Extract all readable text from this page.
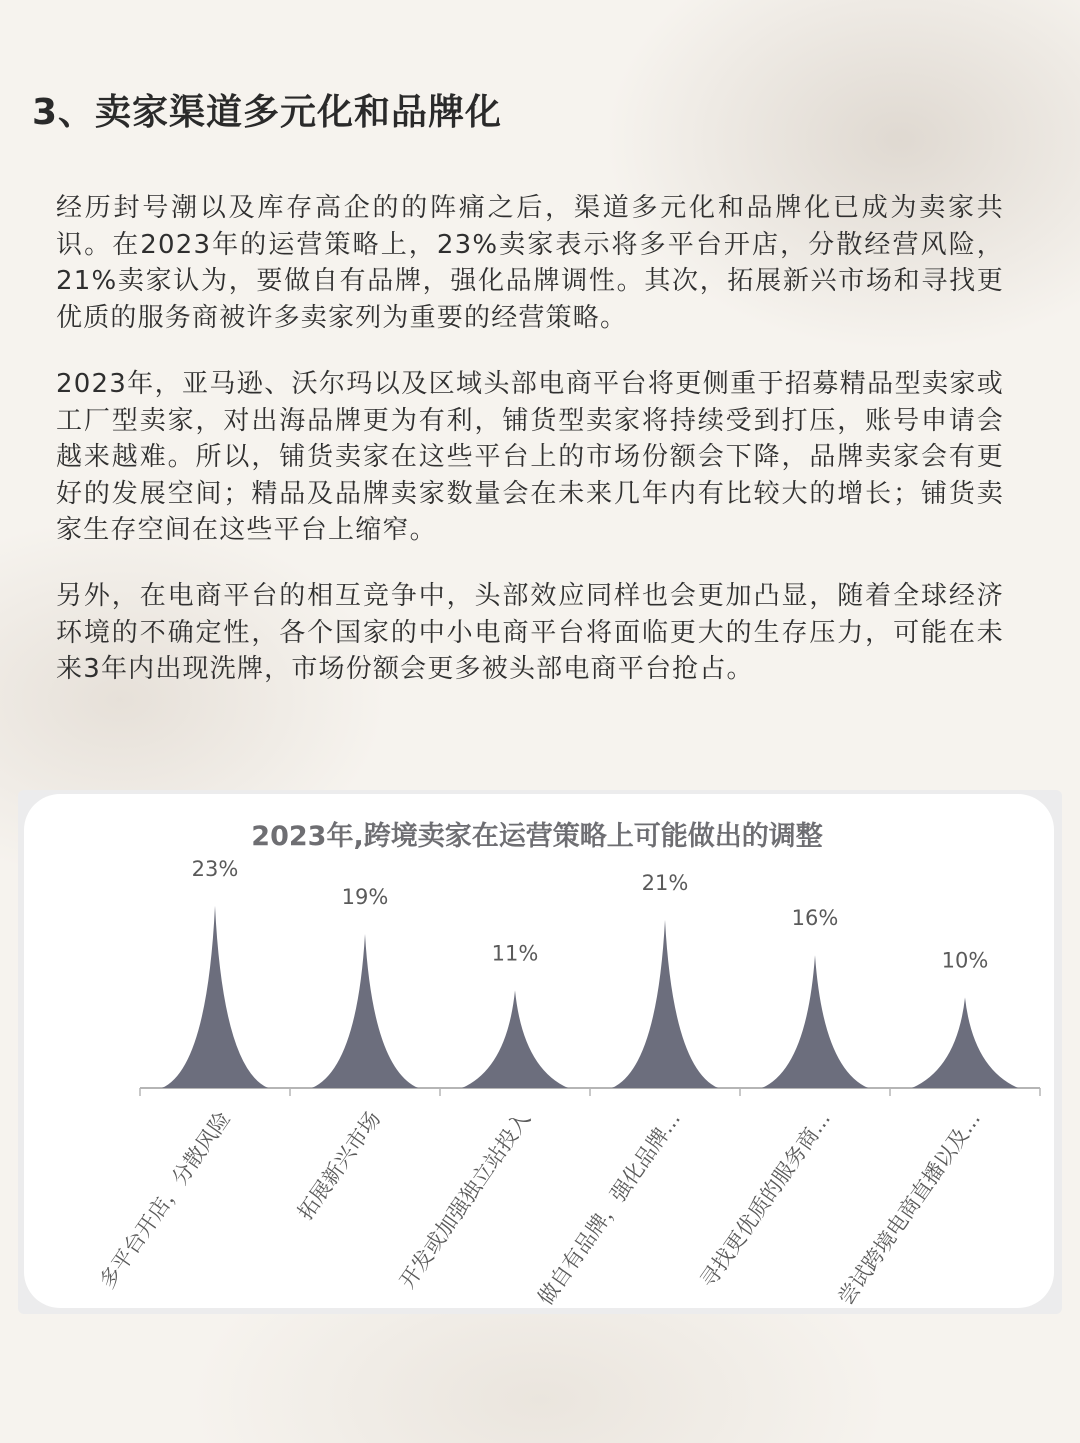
3、卖家渠道多元化和品牌化

经历封号潮以及库存高企的的阵痛之后，渠道多元化和品牌化已成为卖家共识。在2023年的运营策略上，23%卖家表示将多平台开店，分散经营风险，21%卖家认为，要做自有品牌，强化品牌调性。其次，拓展新兴市场和寻找更优质的服务商被许多卖家列为重要的经营策略。

2023年，亚马逊、沃尔玛以及区域头部电商平台将更侧重于招募精品型卖家或工厂型卖家，对出海品牌更为有利，铺货型卖家将持续受到打压，账号申请会越来越难。所以，铺货卖家在这些平台上的市场份额会下降，品牌卖家会有更好的发展空间；精品及品牌卖家数量会在未来几年内有比较大的增长；铺货卖家生存空间在这些平台上缩窄。

另外，在电商平台的相互竞争中，头部效应同样也会更加凸显，随着全球经济环境的不确定性，各个国家的中小电商平台将面临更大的生存压力，可能在未来3年内出现洗牌，市场份额会更多被头部电商平台抢占。

2023年,跨境卖家在运营策略上可能做出的调整
23%
多平台开店，分散风险
19%
拓展新兴市场
11%
开发或加强独立站投入
21%
做自有品牌，强化品牌...
16%
寻找更优质的服务商...
10%
尝试跨境电商直播以及...
